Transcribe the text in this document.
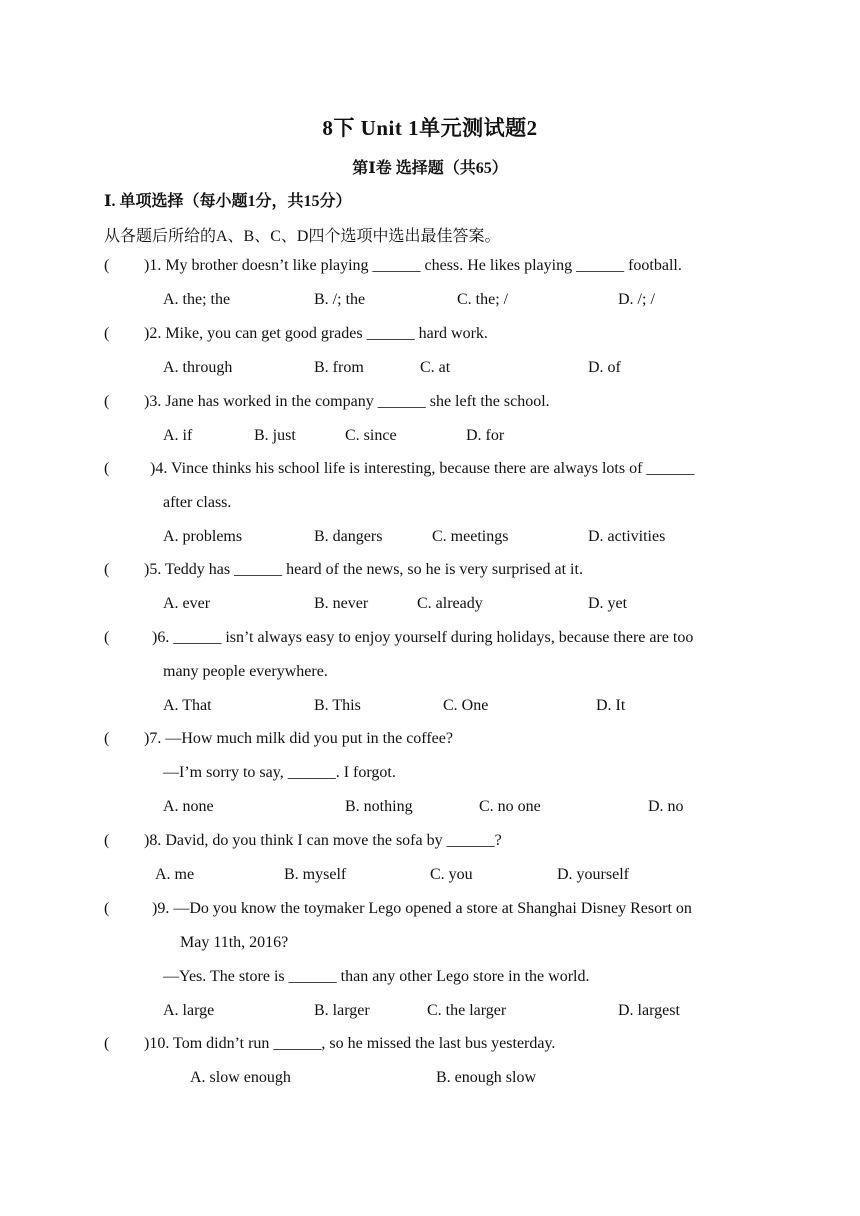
8下 Unit 1单元测试题2
第Ⅰ卷 选择题（共65）
Ⅰ. 单项选择（每小题1分，共15分）
从各题后所给的A、B、C、D四个选项中选出最佳答案。
( )1. My brother doesn’t like playing ______ chess. He likes playing ______ football.
A. the; the	B. /; the	C. the; /	D. /; /
( )2. Mike, you can get good grades ______ hard work.
A. through	B. from	C. at	D. of
( )3. Jane has worked in the company ______ she left the school.
A. if	B. just	C. since	D. for
(	)4. Vince thinks his school life is interesting, because there are always lots of ______
after class.
A. problems	B. dangers	C. meetings	D. activities
( )5. Teddy has ______ heard of the news, so he is very surprised at it.
A. ever	B. never	C. already	D. yet
(	)6. ______ isn’t always easy to enjoy yourself during holidays, because there are too
many people everywhere.
A. That	B. This	C. One	D. It
( )7. —How much milk did you put in the coffee?
—I’m sorry to say, ______. I forgot.
A. none	B. nothing	C. no one	D. no
( )8. David, do you think I can move the sofa by ______?
A. me	B. myself	C. you	D. yourself
(	)9. —Do you know the toymaker Lego opened a store at Shanghai Disney Resort on
May 11th, 2016?
—Yes. The store is ______ than any other Lego store in the world.
A. large	B. larger	C. the larger	D. largest
( )10. Tom didn’t run ______, so he missed the last bus yesterday.
A. slow enough	B. enough slow
